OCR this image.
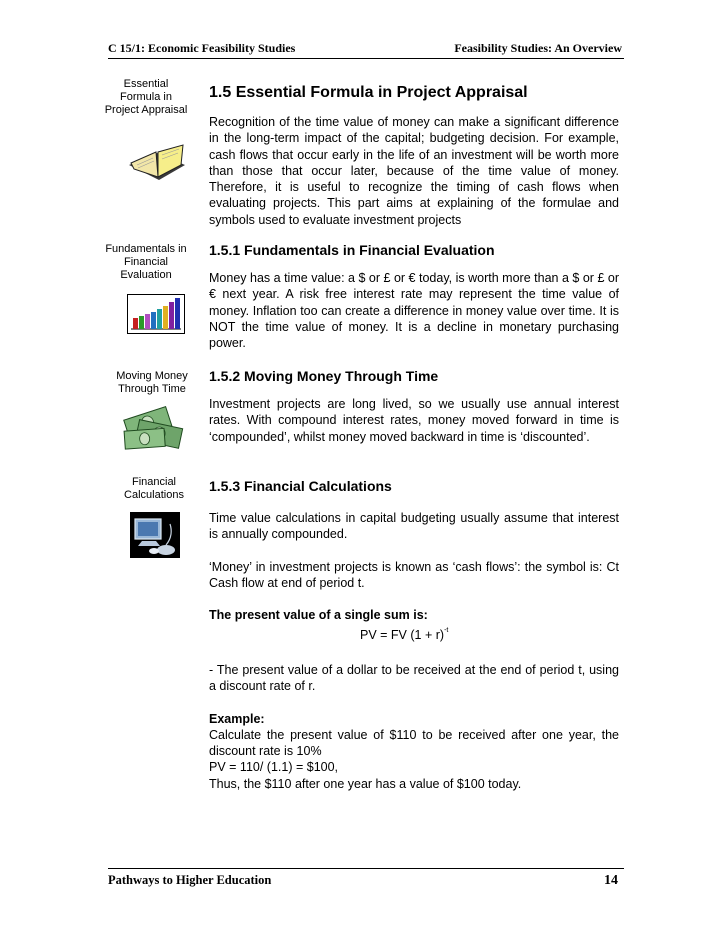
C 15/1: Economic Feasibility Studies	Feasibility Studies: An Overview
Essential
Formula in
Project Appraisal
1.5 Essential Formula in Project Appraisal

Recognition of the time value of money can make a significant difference in the long-term impact of the capital; budgeting decision. For example, cash flows that occur early in the life of an investment will be worth more than those that occur later, because of the time value of money. Therefore, it is useful to recognize the timing of cash flows when evaluating projects. This part aims at explaining of the formulae and symbols used to evaluate investment projects

Fundamentals in
Financial
Evaluation
1.5.1 Fundamentals in Financial Evaluation

Money has a time value: a $ or £ or € today, is worth more than a $ or £ or € next year. A risk free interest rate may represent the time value of money. Inflation too can create a difference in money value over time. It is NOT the time value of money. It is a decline in monetary purchasing power.

Moving Money
Through Time
1.5.2 Moving Money Through Time

Investment projects are long lived, so we usually use annual interest rates. With compound interest rates, money moved forward in time is ‘compounded’, whilst money moved backward in time is ‘discounted’.

Financial
Calculations
1.5.3 Financial Calculations

Time value calculations in capital budgeting usually assume that interest is annually compounded.

‘Money’ in investment projects is known as ‘cash flows’: the symbol is: Ct Cash flow at end of period t.

The present value of a single sum is:

PV = FV $(1 + r)^{-t}$

- The present value of a dollar to be received at the end of period t, using a discount rate of r.

Example:

Calculate the present value of $110 to be received after one year, the discount rate is 10%

PV = 110/ (1.1) = $100,

Thus, the $110 after one year has a value of $100 today.

Pathways to Higher Education	14
